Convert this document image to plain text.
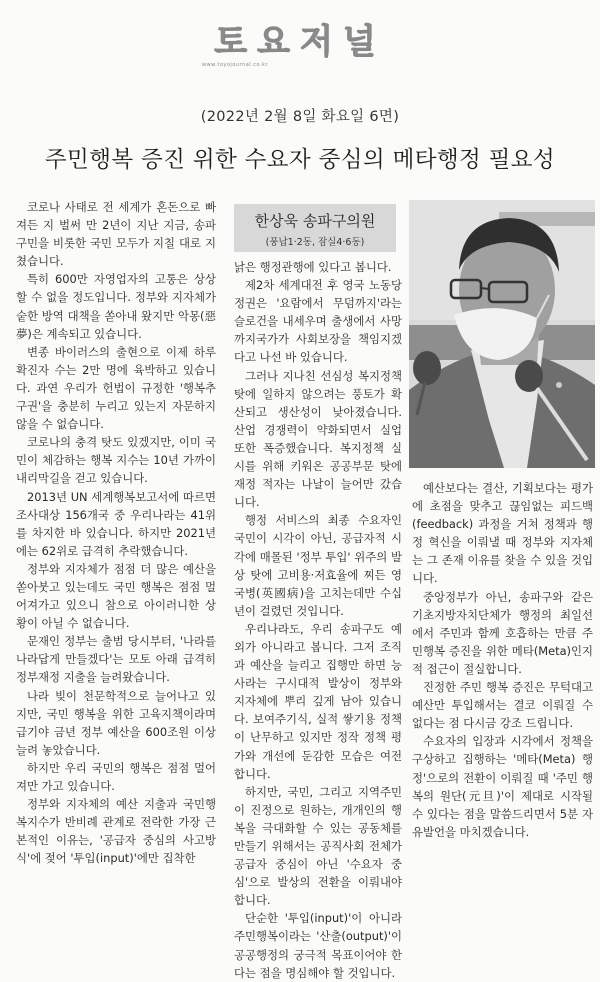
토요저널
www.toyojournal.co.kr
(2022년 2월 8일 화요일 6면)
주민행복 증진 위한 수요자 중심의 메타행정 필요성

코로나 사태로 전 세계가 혼돈으로 빠져든 지 벌써 만 2년이 지난 지금, 송파구민을 비롯한 국민 모두가 지칠 대로 지쳤습니다.

특히 600만 자영업자의 고통은 상상할 수 없을 정도입니다. 정부와 지자체가 숱한 방역 대책을 쏟아내 왔지만 악몽(惡夢)은 계속되고 있습니다.

변종 바이러스의 출현으로 이제 하루 확진자 수는 2만 명에 육박하고 있습니다. 과연 우리가 헌법이 규정한 '행복추구권'을 충분히 누리고 있는지 자문하지 않을 수 없습니다.

코로나의 충격 탓도 있겠지만, 이미 국민이 체감하는 행복 지수는 10년 가까이 내리막길을 걷고 있습니다.

2013년 UN 세계행복보고서에 따르면 조사대상 156개국 중 우리나라는 41위를 차지한 바 있습니다. 하지만 2021년에는 62위로 급격히 추락했습니다.

정부와 지자체가 점점 더 많은 예산을 쏟아붓고 있는데도 국민 행복은 점점 멀어져가고 있으니 참으로 아이러니한 상황이 아닐 수 없습니다.

문재인 정부는 출범 당시부터, '나라를 나라답게 만들겠다'는 모토 아래 급격히 정부재정 지출을 늘려왔습니다.

나라 빚이 천문학적으로 늘어나고 있지만, 국민 행복을 위한 고육지책이라며 급기야 금년 정부 예산을 600조원 이상 늘려 놓았습니다.

하지만 우리 국민의 행복은 점점 멀어져만 가고 있습니다.

정부와 지자체의 예산 지출과 국민행복지수가 반비례 관계로 전락한 가장 근본적인 이유는, '공급자 중심의 사고방식'에 젖어 '투입(input)'에만 집착한

한상욱 송파구의원
(풍납1·2동, 잠실4·6동)

낡은 행정관행에 있다고 봅니다.

제2차 세계대전 후 영국 노동당 정권은 '요람에서 무덤까지'라는 슬로건을 내세우며 출생에서 사망까지국가가 사회보장을 책임지겠다고 나선 바 있습니다.

그러나 지나친 선심성 복지정책 탓에 일하지 않으려는 풍토가 확산되고 생산성이 낮아졌습니다. 산업 경쟁력이 약화되면서 실업 또한 폭증했습니다. 복지정책 실시를 위해 키워온 공공부문 탓에 재정 적자는 나날이 늘어만 갔습니다.

행정 서비스의 최종 수요자인 국민이 시각이 아닌, 공급자적 시각에 매몰된 '정부 투입' 위주의 발상 탓에 고비용·저효율에 찌든 영국병(英國病)을 고치는데만 수십 년이 걸렸던 것입니다.

우리나라도, 우리 송파구도 예외가 아니라고 봅니다. 그저 조직과 예산을 늘리고 집행만 하면 능사라는 구시대적 발상이 정부와 지자체에 뿌리 깊게 남아 있습니다. 보여주기식, 실적 쌓기용 정책이 난무하고 있지만 정작 정책 평가와 개선에 둔감한 모습은 여전합니다.

하지만, 국민, 그리고 지역주민이 진정으로 원하는, 개개인의 행복을 극대화할 수 있는 공동체를 만들기 위해서는 공직사회 전체가 공급자 중심이 아닌 '수요자 중심'으로 발상의 전환을 이뤄내야 합니다.

단순한 '투입(input)'이 아니라 주민행복이라는 '산출(output)'이 공공행정의 궁극적 목표이어야 한다는 점을 명심해야 할 것입니다.

예산보다는 결산, 기획보다는 평가에 초점을 맞추고 끊임없는 피드백(feedback) 과정을 거쳐 정책과 행정 혁신을 이뤄낼 때 정부와 지자체는 그 존재 이유를 찾을 수 있을 것입니다.

중앙정부가 아닌, 송파구와 같은 기초지방자치단체가 행정의 최일선에서 주민과 함께 호흡하는 만큼 주민행복 증진을 위한 메타(Meta)인지적 접근이 절실합니다.

진정한 주민 행복 증진은 무턱대고 예산만 투입해서는 결코 이뤄질 수 없다는 점 다시금 강조 드립니다.

수요자의 입장과 시각에서 정책을 구상하고 집행하는 '메타(Meta) 행정'으로의 전환이 이뤄질 때 '주민 행복의 원단(元旦)'이 제대로 시작될 수 있다는 점을 말씀드리면서 5분 자유발언을 마치겠습니다.
